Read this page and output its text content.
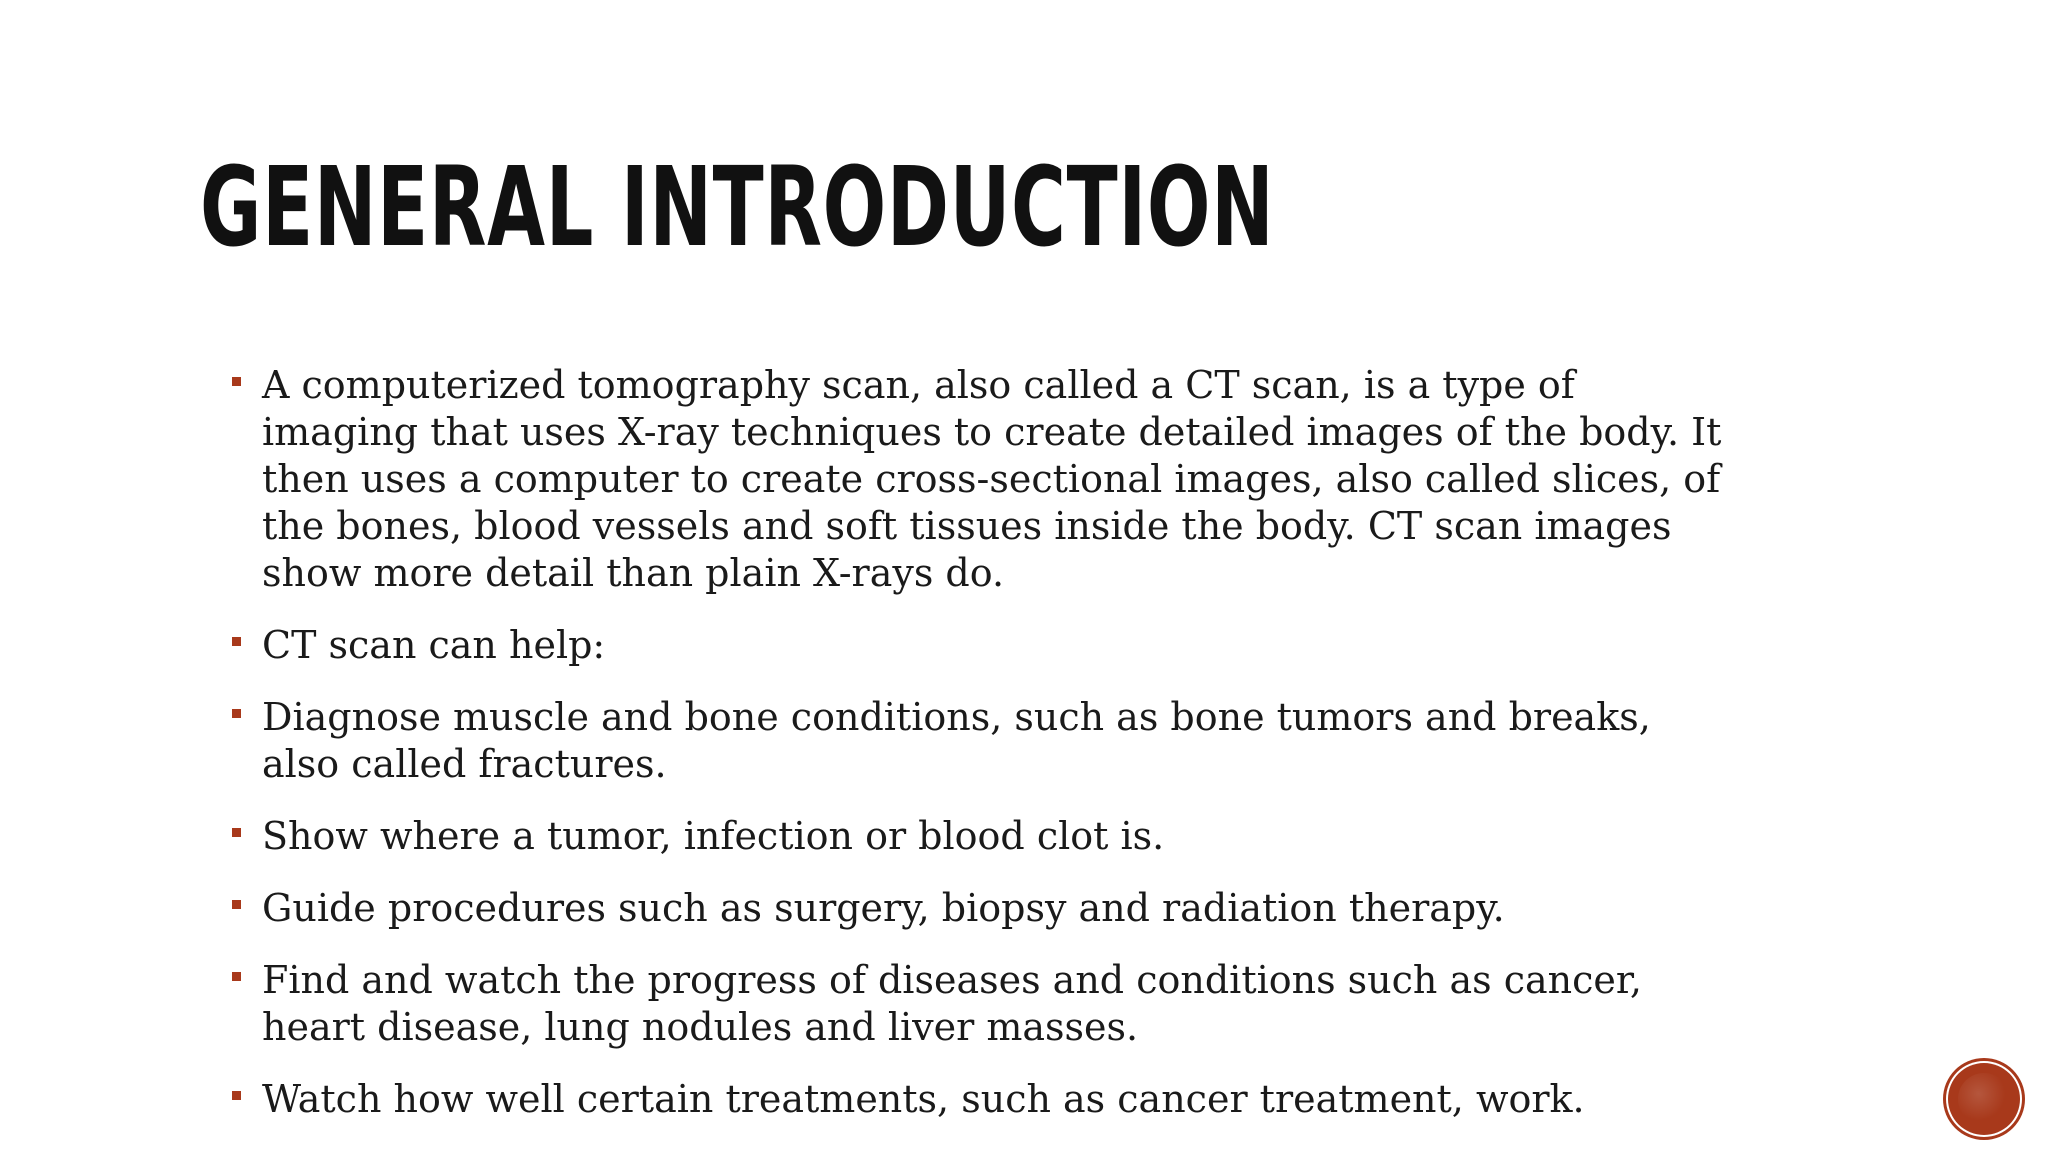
GENERAL INTRODUCTION
A computerized tomography scan, also called a CT scan, is a type of imaging that uses X-ray techniques to create detailed images of the body. It then uses a computer to create cross-sectional images, also called slices, of the bones, blood vessels and soft tissues inside the body. CT scan images show more detail than plain X-rays do.
CT scan can help:
Diagnose muscle and bone conditions, such as bone tumors and breaks, also called fractures.
Show where a tumor, infection or blood clot is.
Guide procedures such as surgery, biopsy and radiation therapy.
Find and watch the progress of diseases and conditions such as cancer, heart disease, lung nodules and liver masses.
Watch how well certain treatments, such as cancer treatment, work.
